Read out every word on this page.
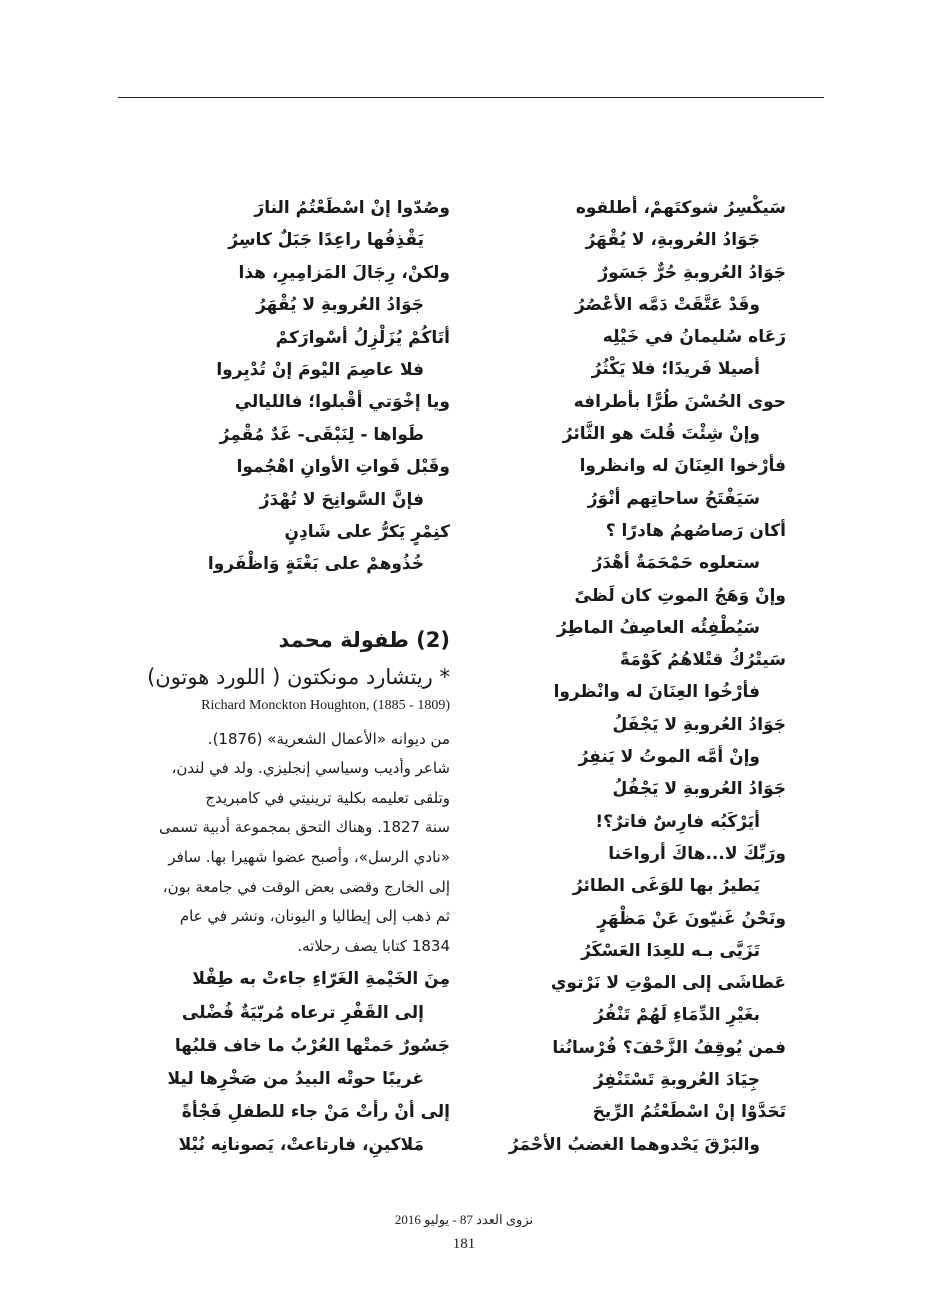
سَيكْسِرُ شوكتَهمْ، أطلقوه
جَوَادُ العُروبةِ، لا يُقْهَرُ
جَوَادُ العُروبةِ حُرٌّ جَسَورٌ
وقَدْ عَتَّقَتْ دَمَّه الأعْصُرُ
رَعَاه سُليمانُ في خَيْلِه
أصيلا فَريدًا؛ فلا يَكْثُرُ
حوى الحُسْنَ طُرًّا بأطرافه
وإنْ شِئْتَ قُلتَ هو الثَّائرُ
فأرْخوا العِنَانَ له وانظروا
سَيَفْتَحُ ساحاتِهم أنْوَرُ
أكان رَصاصُهمُ هادرًا ؟
ستعلوه حَمْحَمَةٌ أهْدَرُ
وإنْ وَهَجُ الموتِ كان لَظىً
سَيُطْفِئُه العاصِفُ الماطِرُ
سَيتْرُكُ قتْلاهُمُ كَوْمَةً
فأرْخُوا العِنَانَ له وانْظروا
جَوَادُ العُروبةِ لا يَجْفَلُ
وإنْ أمَّه الموتُ لا يَنفِرُ
جَوَادُ العُروبةِ لا يَجْفُلُ
أيَرْكَبُه فارِسٌ فاترٌ؟!
ورَبِّكَ لا...هاكَ أرواحَنا
يَطيرُ بها للوَغَى الطائرُ
ونَحْنُ غَنيّونَ عَنْ مَظْهَرٍ
تَزَيَّى بـه للعِدَا العَسْكَرُ
عَطاشَى إلى الموْتِ لا نَرْتوي
بغَيْرِ الدِّمَاءِ لَهُمْ تَنْفُرُ
فمن يُوقِفُ الزَّحْفَ؟ فُرْسانُنا
جِيَادَ العُروبةِ تَسْتَنْفِرُ
تَحَدَّوْا إنْ اسْطَعْتُمُ الرِّيحَ
والبَرْقَ يَحْدوهما الغضبُ الأحْمَرُ
وصُدّوا إنْ اسْطَعْتُمُ النارَ
يَقْذِفُها راعِدًا جَبَلٌ كاسِرُ
ولكنْ، رِجَالَ المَزامِيرِ، هذا
جَوَادُ العُروبةِ لا يُقْهَرُ
أتَاكُمْ يُزَلْزِلُ أسْوارَكمْ
فلا عاصِمَ اليْومَ إنْ تُدْبِروا
ويا إخْوَتي أقْبلوا؛ فالليالي
طَواها - لِنَبْقَى- غَدٌ مُقْمِرُ
وقَبْل فَواتِ الأوانِ اهْجُموا
فإنَّ السَّوانِحَ لا تُهْدَرُ
كنِمْرٍ يَكرُّ على شَادِنٍ
خُذُوهمْ على بَغْتَةٍ وَاظْفَروا
(2) طفولة محمد
* ريتشارد مونكتون ( اللورد هوتون)
Richard Monckton Houghton, (1885 - 1809)
من ديوانه «الأعمال الشعرية» (1876).
شاعر وأديب وسياسي إنجليزي. ولد في لندن،
وتلقى تعليمه بكلية ترينيتي في كامبريدج
سنة 1827. وهناك التحق بمجموعة أدبية تسمى
«نادي الرسل»، وأصبح عضوا شهيرا بها. سافر
إلى الخارج وقضى بعض الوقت في جامعة بون،
ثم ذهب إلى إيطاليا و اليونان، ونشر في عام
1834 كتابا يصف رحلاته.
مِنَ الخَيْمةِ الغَرّاءِ جاءتْ به طِفْلا
إلى القَفْرِ ترعاه مُربّيَةٌ فُضْلى
جَسُورٌ حَمتْها العُرْبُ ما خاف قلبُها
غريبًا حوتْه البيدُ من صَخْرِها ليلا
إلى أنْ رأتْ مَنْ جاء للطفلِ فَجْأةً
مَلاكينِ، فارتاعتْ، يَصونانِه نُبْلا
نزوى العدد 87 - يوليو 2016
181
